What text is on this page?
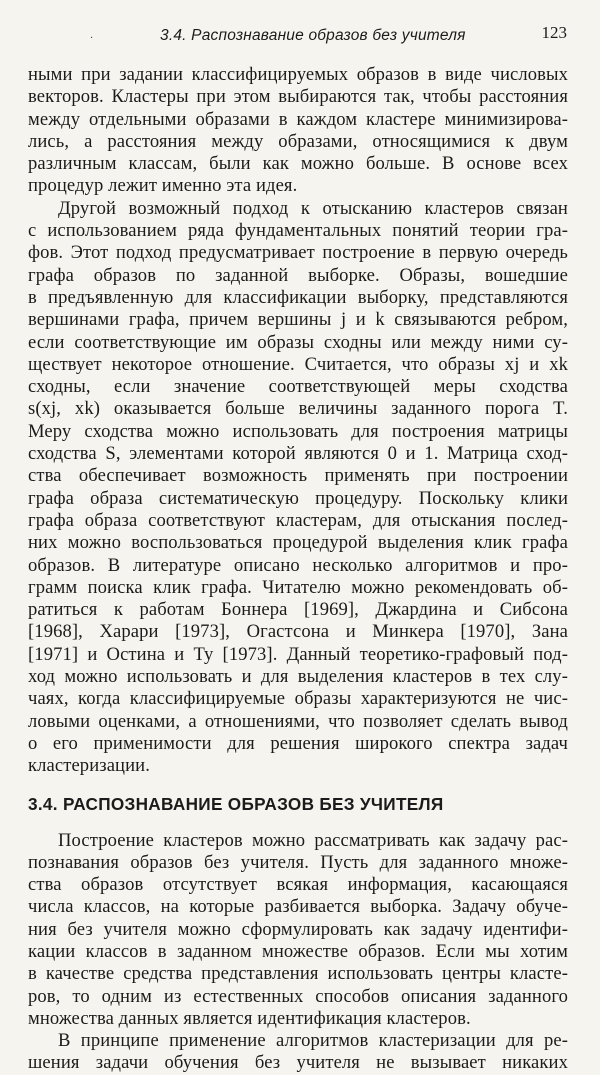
·	3.4. Распознавание образов без учителя	123
ными при задании классифицируемых образов в виде числовых
векторов. Кластеры при этом выбираются так, чтобы расстояния
между отдельными образами в каждом кластере минимизирова-
лись, а расстояния между образами, относящимися к двум
различным классам, были как можно больше. В основе всех
процедур лежит именно эта идея.
Другой возможный подход к отысканию кластеров связан
с использованием ряда фундаментальных понятий теории гра-
фов. Этот подход предусматривает построение в первую очередь
графа образов по заданной выборке. Образы, вошедшие
в предъявленную для классификации выборку, представляются
вершинами графа, причем вершины j и k связываются ребром,
если соответствующие им образы сходны или между ними су-
ществует некоторое отношение. Считается, что образы xj и xk
сходны, если значение соответствующей меры сходства
s(xj, xk) оказывается больше величины заданного порога T.
Меру сходства можно использовать для построения матрицы
сходства S, элементами которой являются 0 и 1. Матрица сход-
ства обеспечивает возможность применять при построении
графа образа систематическую процедуру. Поскольку клики
графа образа соответствуют кластерам, для отыскания послед-
них можно воспользоваться процедурой выделения клик графа
образов. В литературе описано несколько алгоритмов и про-
грамм поиска клик графа. Читателю можно рекомендовать об-
ратиться к работам Боннера [1969], Джардина и Сибсона
[1968], Харари [1973], Огастсона и Минкера [1970], Зана
[1971] и Остина и Ту [1973]. Данный теоретико-графовый под-
ход можно использовать и для выделения кластеров в тех слу-
чаях, когда классифицируемые образы характеризуются не чис-
ловыми оценками, а отношениями, что позволяет сделать вывод
о его применимости для решения широкого спектра задач
кластеризации.
3.4. РАСПОЗНАВАНИЕ ОБРАЗОВ БЕЗ УЧИТЕЛЯ
Построение кластеров можно рассматривать как задачу рас-
познавания образов без учителя. Пусть для заданного множе-
ства образов отсутствует всякая информация, касающаяся
числа классов, на которые разбивается выборка. Задачу обуче-
ния без учителя можно сформулировать как задачу идентифи-
кации классов в заданном множестве образов. Если мы хотим
в качестве средства представления использовать центры класте-
ров, то одним из естественных способов описания заданного
множества данных является идентификация кластеров.
В принципе применение алгоритмов кластеризации для ре-
шения задачи обучения без учителя не вызывает никаких
